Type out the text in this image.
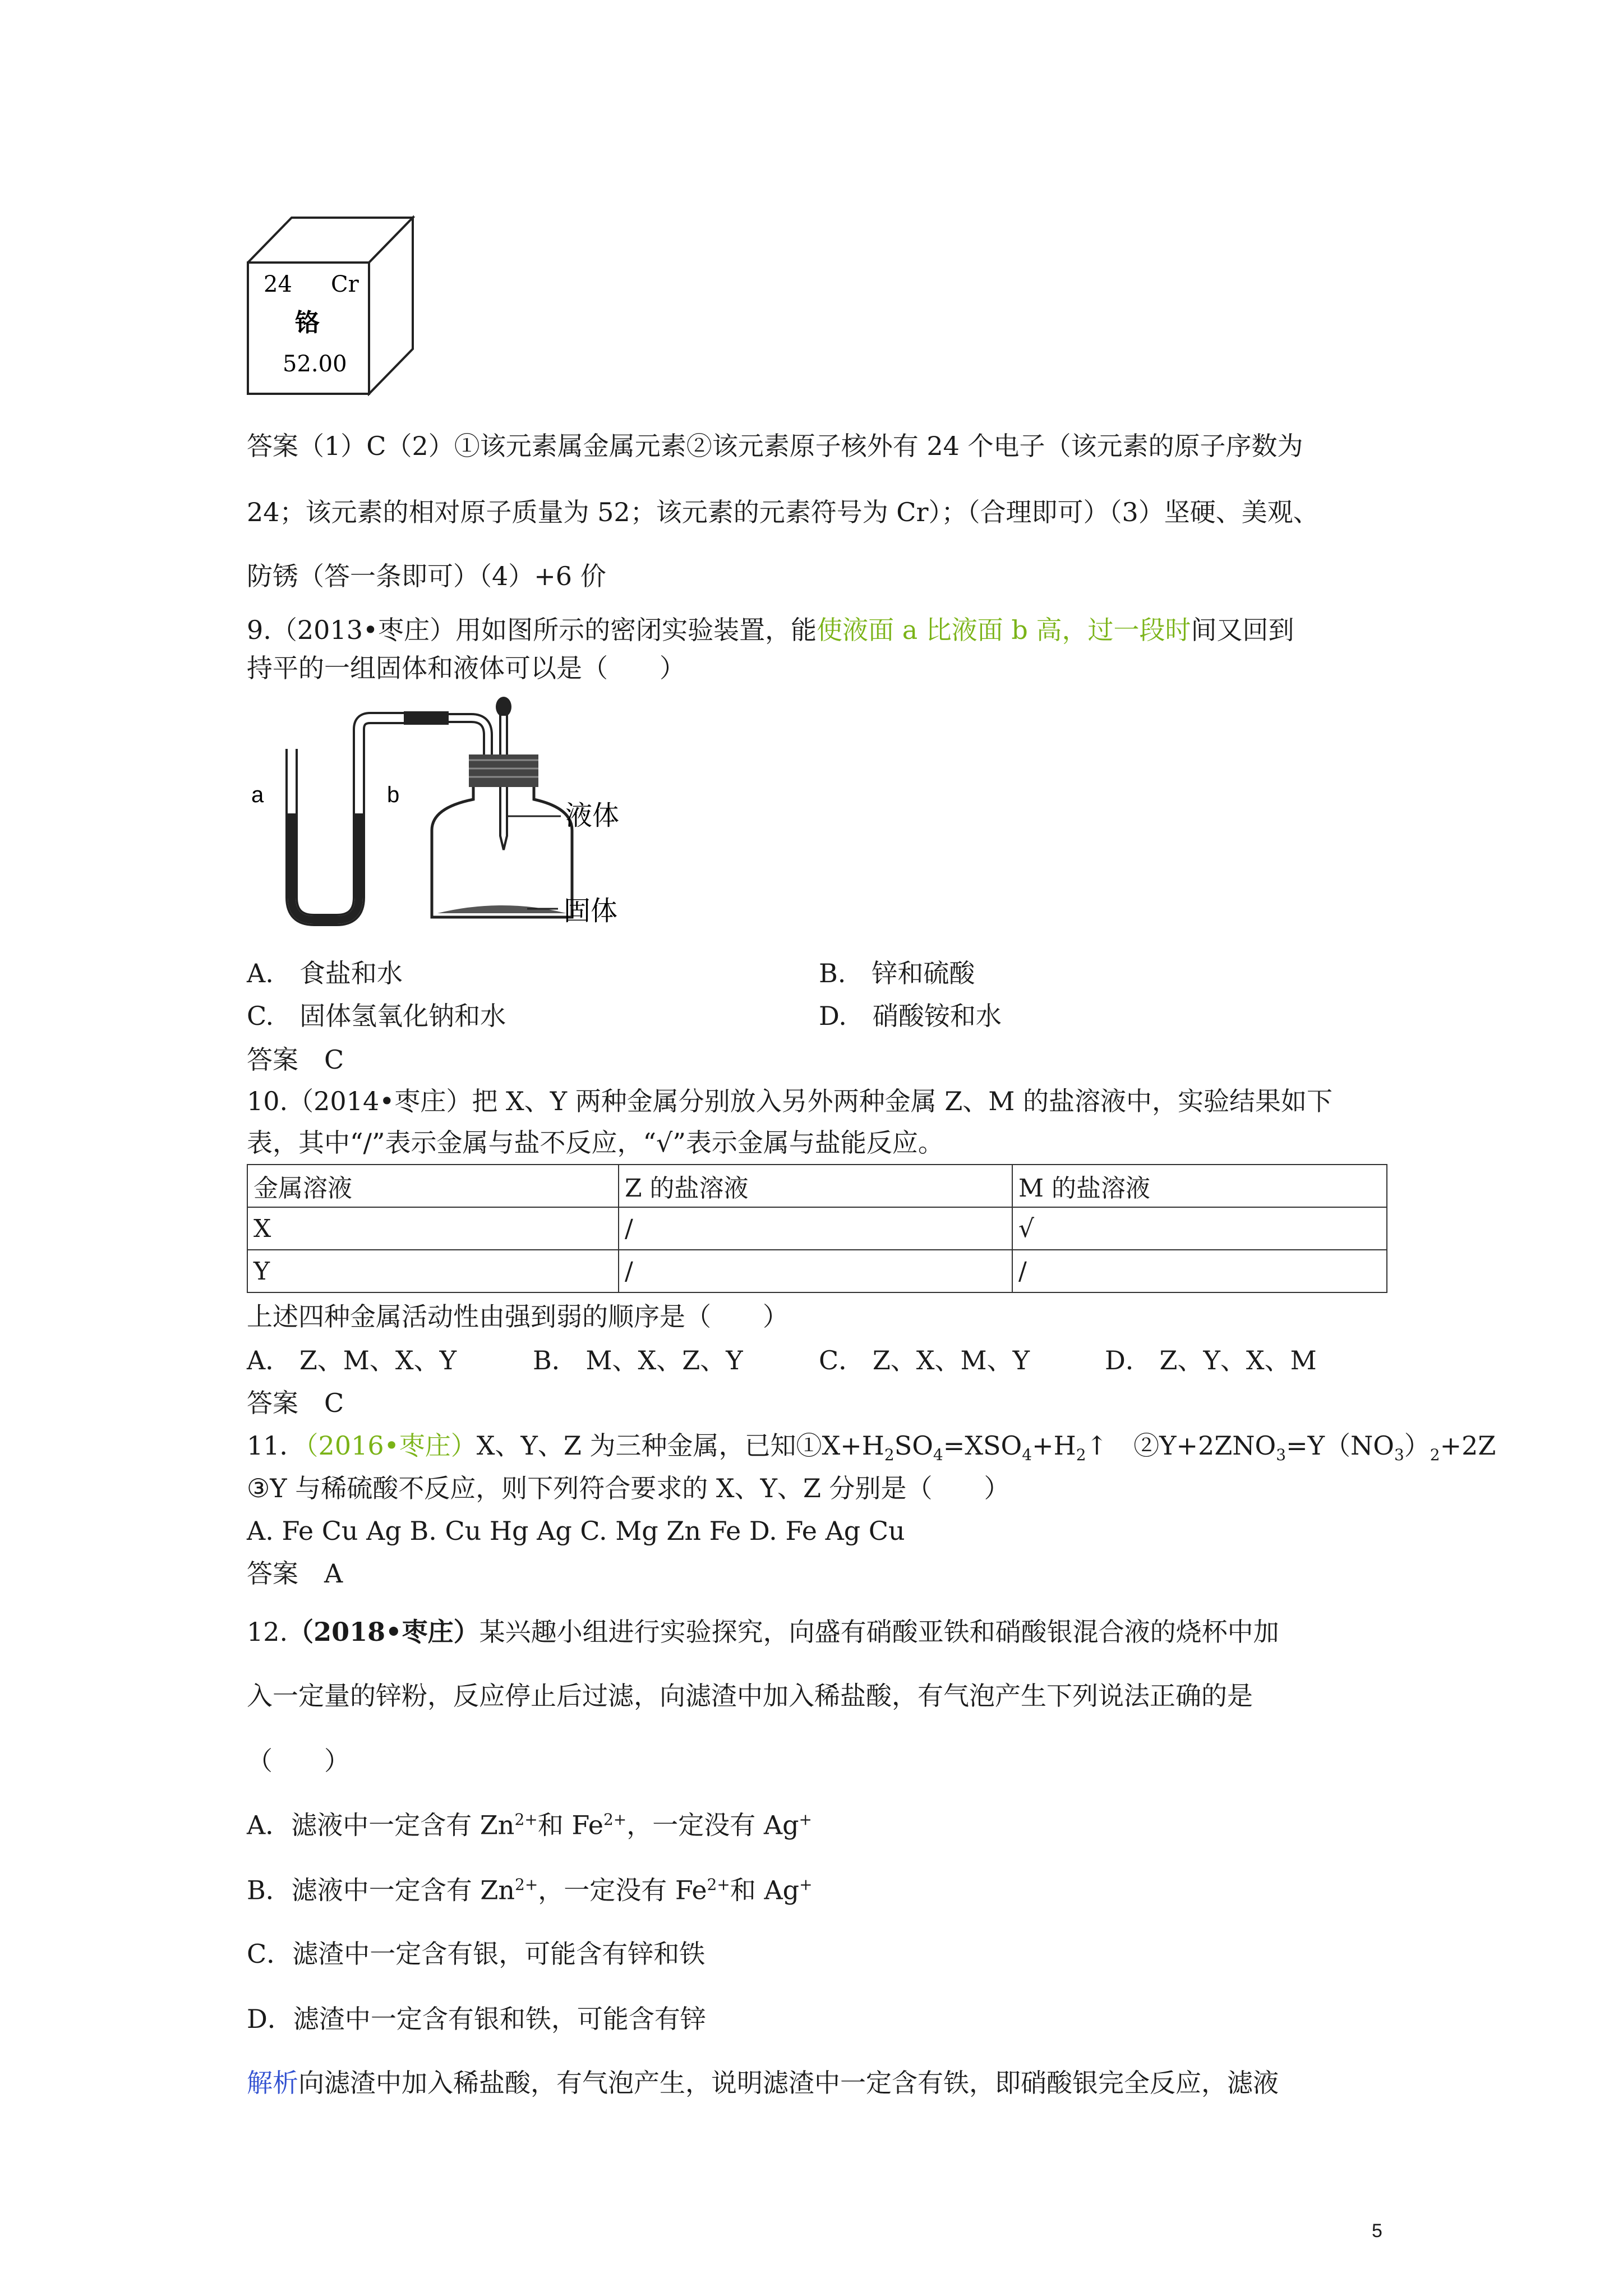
24 Cr
铬
52.00
答案（1）C（2）①该元素属金属元素②该元素原子核外有 24 个电子（该元素的原子序数为
24；该元素的相对原子质量为 52；该元素的元素符号为 Cr）；（合理即可）（3）坚硬、美观、
防锈（答一条即可）（4）+6 价
9.（2013•枣庄）用如图所示的密闭实验装置，能使液面 a 比液面 b 高，过一段时间又回到
持平的一组固体和液体可以是（　　）
a	b
液体
固体
A.　食盐和水	B.　锌和硫酸
C.　固体氢氧化钠和水	D.　硝酸铵和水
答案　C
10.（2014•枣庄）把 X、Y 两种金属分别放入另外两种金属 Z、M 的盐溶液中，实验结果如下
表，其中“/”表示金属与盐不反应，“√”表示金属与盐能反应。
金属溶液	Z 的盐溶液	M 的盐溶液
X	/	√
Y	/	/
上述四种金属活动性由强到弱的顺序是（　　）
A． Z、M、X、Y	B． M、X、Z、Y	C． Z、X、M、Y	D． Z、Y、X、M
答案　C
11．（2016•枣庄）X、Y、Z 为三种金属，已知$①X+H_2SO_4=XSO_4+H_2↑$　$②Y+2ZNO_3=Y(NO_3)_2+2Z$
③Y 与稀硫酸不反应，则下列符合要求的 X、Y、Z 分别是（　　）
A. Fe Cu Ag B. Cu Hg Ag C. Mg Zn Fe D. Fe Ag Cu
答案　A
12.（2018•枣庄）某兴趣小组进行实验探究，向盛有硝酸亚铁和硝酸银混合液的烧杯中加
入一定量的锌粉，反应停止后过滤，向滤渣中加入稀盐酸，有气泡产生下列说法正确的是
（　　）
A．滤液中一定含有 $Zn^{2+}$和 $Fe^{2+}$，一定没有 Ag+
B．滤液中一定含有 $Zn^{2+}$，一定没有 $Fe^{2+}$和 Ag+
C．滤渣中一定含有银，可能含有锌和铁
D．滤渣中一定含有银和铁，可能含有锌
解析向滤渣中加入稀盐酸，有气泡产生，说明滤渣中一定含有铁，即硝酸银完全反应，滤液
5
